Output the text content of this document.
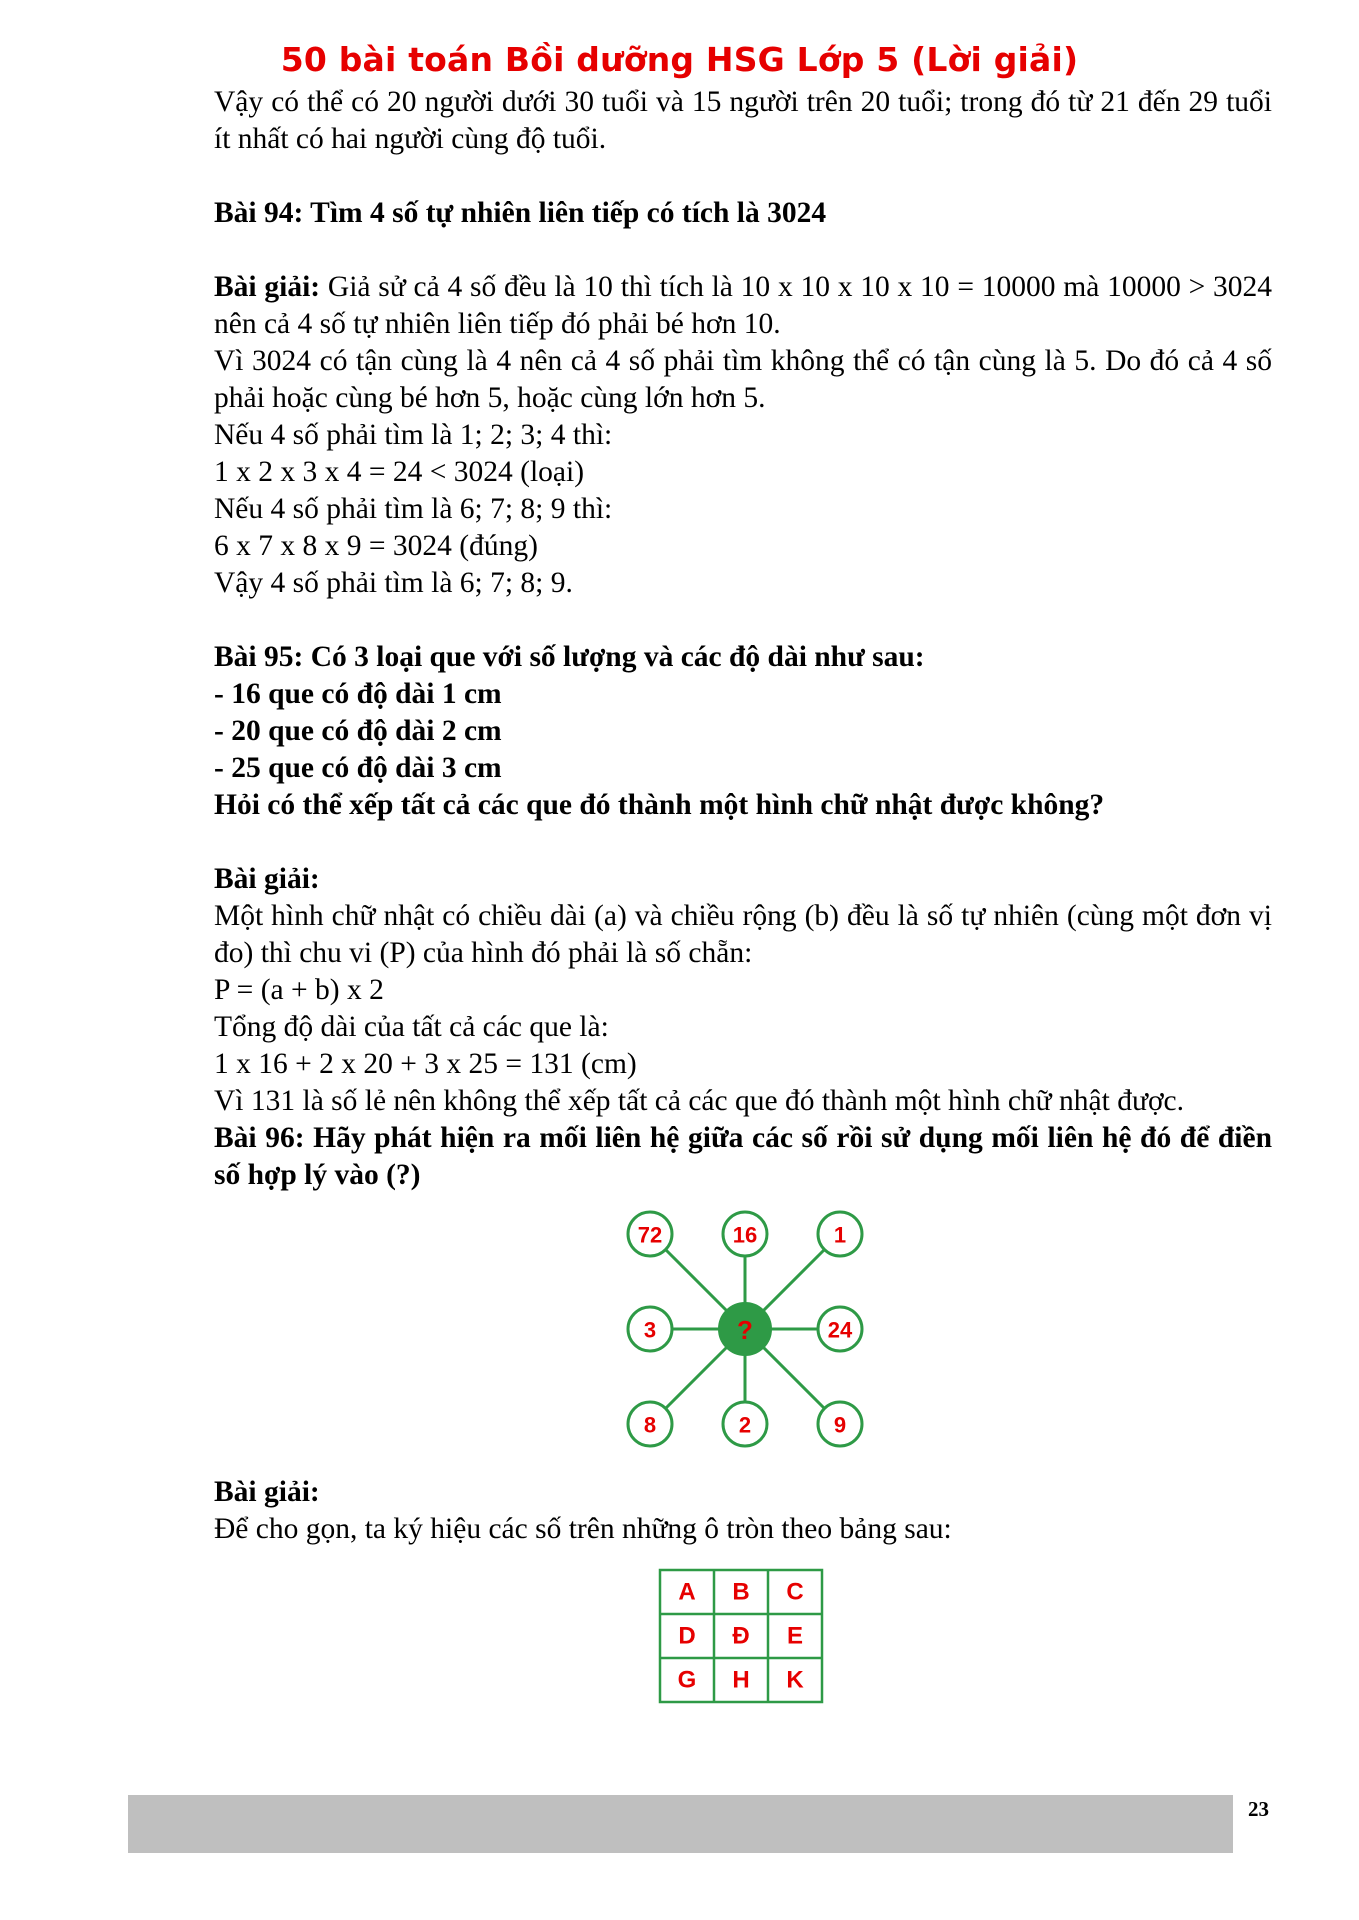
50 bài toán Bồi dưỡng HSG Lớp 5 (Lời giải)

Vậy có thể có 20 người dưới 30 tuổi và 15 người trên 20 tuổi; trong đó từ 21 đến 29 tuổi ít nhất có hai người cùng độ tuổi.

Bài 94: Tìm 4 số tự nhiên liên tiếp có tích là 3024

Bài giải: Giả sử cả 4 số đều là 10 thì tích là 10 x 10 x 10 x 10 = 10000 mà 10000 > 3024 nên cả 4 số tự nhiên liên tiếp đó phải bé hơn 10.

Vì 3024 có tận cùng là 4 nên cả 4 số phải tìm không thể có tận cùng là 5. Do đó cả 4 số phải hoặc cùng bé hơn 5, hoặc cùng lớn hơn 5.

Nếu 4 số phải tìm là 1; 2; 3; 4 thì:

1 x 2 x 3 x 4 = 24 < 3024 (loại)

Nếu 4 số phải tìm là 6; 7; 8; 9 thì:

6 x 7 x 8 x 9 = 3024 (đúng)

Vậy 4 số phải tìm là 6; 7; 8; 9.

Bài 95: Có 3 loại que với số lượng và các độ dài như sau:

- 16 que có độ dài 1 cm

- 20 que có độ dài 2 cm

- 25 que có độ dài 3 cm

Hỏi có thể xếp tất cả các que đó thành một hình chữ nhật được không?

Bài giải:

Một hình chữ nhật có chiều dài (a) và chiều rộng (b) đều là số tự nhiên (cùng một đơn vị đo) thì chu vi (P) của hình đó phải là số chẵn:

P = (a + b) x 2

Tổng độ dài của tất cả các que là:

1 x 16 + 2 x 20 + 3 x 25 = 131 (cm)

Vì 131 là số lẻ nên không thể xếp tất cả các que đó thành một hình chữ nhật được.

Bài 96: Hãy phát hiện ra mối liên hệ giữa các số rồi sử dụng mối liên hệ đó để điền số hợp lý vào (?)

72	16	1
3	?	24
8	2	9

Bài giải:

Để cho gọn, ta ký hiệu các số trên những ô tròn theo bảng sau:

A B C
D Đ E
G H K
23
